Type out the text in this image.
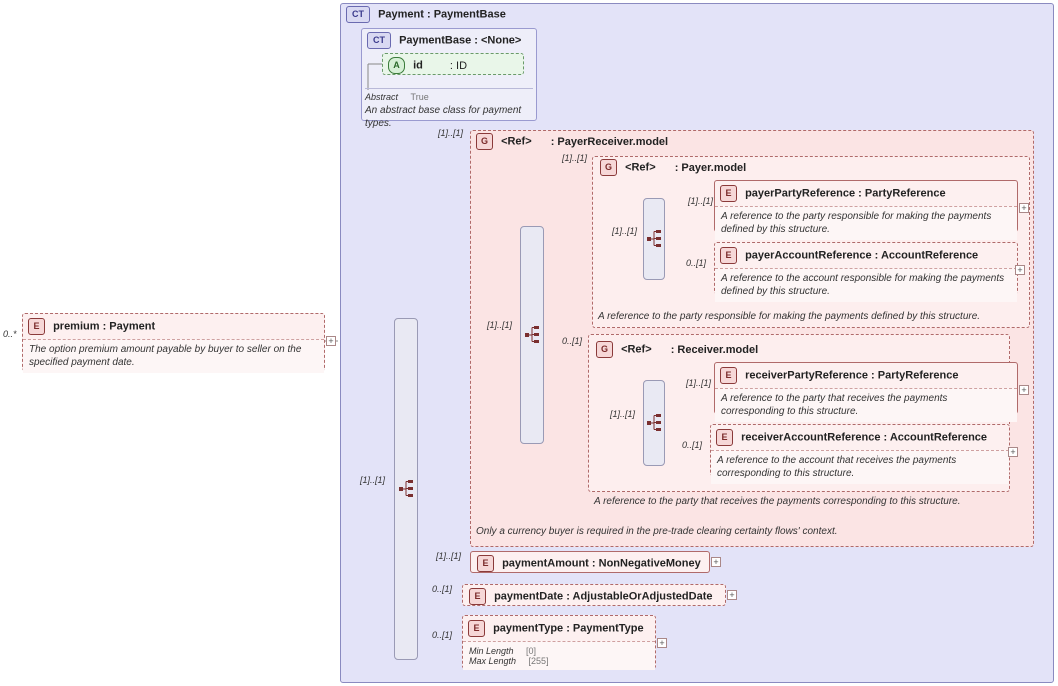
CT Payment : PaymentBase
CT PaymentBase : <None>
A id : ID
Abstract True
An abstract base class for payment types.
E premium : Payment
The option premium amount payable by buyer to seller on the specified payment date.
0..*
+
[1]..[1]
G <Ref> : PayerReceiver.model
[1]..[1]
[1]..[1]
Only a currency buyer is required in the pre-trade clearing certainty flows' context.
G <Ref> : Payer.model
[1]..[1]
[1]..[1]
A reference to the party responsible for making the payments defined by this structure.
E payerPartyReference : PartyReference
A reference to the party responsible for making the payments defined by this structure.
[1]..[1]
+
E payerAccountReference : AccountReference
A reference to the account responsible for making the payments defined by this structure.
0..[1]
+
G <Ref> : Receiver.model
0..[1]
[1]..[1]
A reference to the party that receives the payments corresponding to this structure.
E receiverPartyReference : PartyReference
A reference to the party that receives the payments corresponding to this structure.
[1]..[1]
+
E receiverAccountReference : AccountReference
A reference to the account that receives the payments corresponding to this structure.
0..[1]
+
E paymentAmount : NonNegativeMoney
[1]..[1]
+
E paymentDate : AdjustableOrAdjustedDate
0..[1]
+
E paymentType : PaymentType
Min Length [0]
Max Length [255]
0..[1]
+
